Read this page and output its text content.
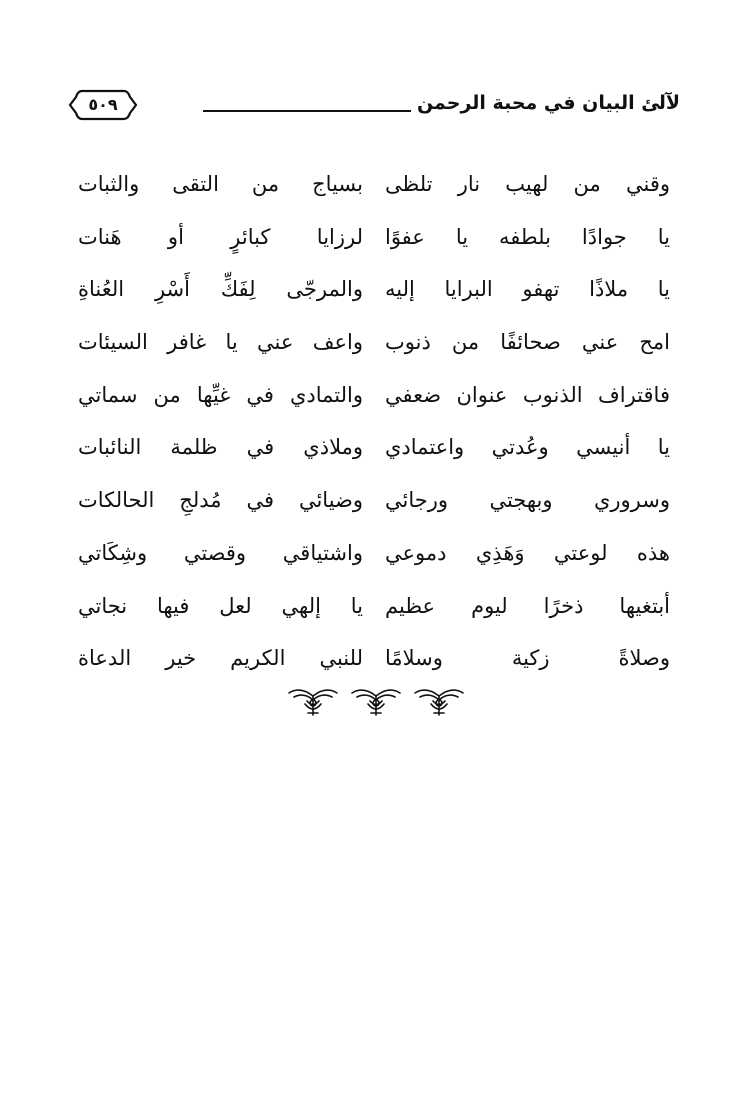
لآلئ البيان في محبة الرحمن
٥٠٩
وقني من لهيب نار تلظى
بسياج من التقى والثبات
يا جوادًا بلطفه يا عفوًا
لرزايا كبائرٍ أو هَنات
يا ملاذًا تهفو البرايا إليه
والمرجّى لِفَكِّ أَسْرِ العُناةِ
امح عني صحائفًا من ذنوب
واعف عني يا غافر السيئات
فاقتراف الذنوب عنوان ضعفي
والتمادي في غيِّها من سماتي
يا أنيسي وعُدتي واعتمادي
وملاذي في ظلمة النائبات
وسروري وبهجتي ورجائي
وضيائي في مُدلجِ الحالكات
هذه لوعتي وَهَذِي دموعي
واشتياقي وقصتي وشِكَاتي
أبتغيها ذخرًا ليوم عظيم
يا إلهي لعل فيها نجاتي
وصلاةً زكية وسلامًا
للنبي الكريم خير الدعاة
